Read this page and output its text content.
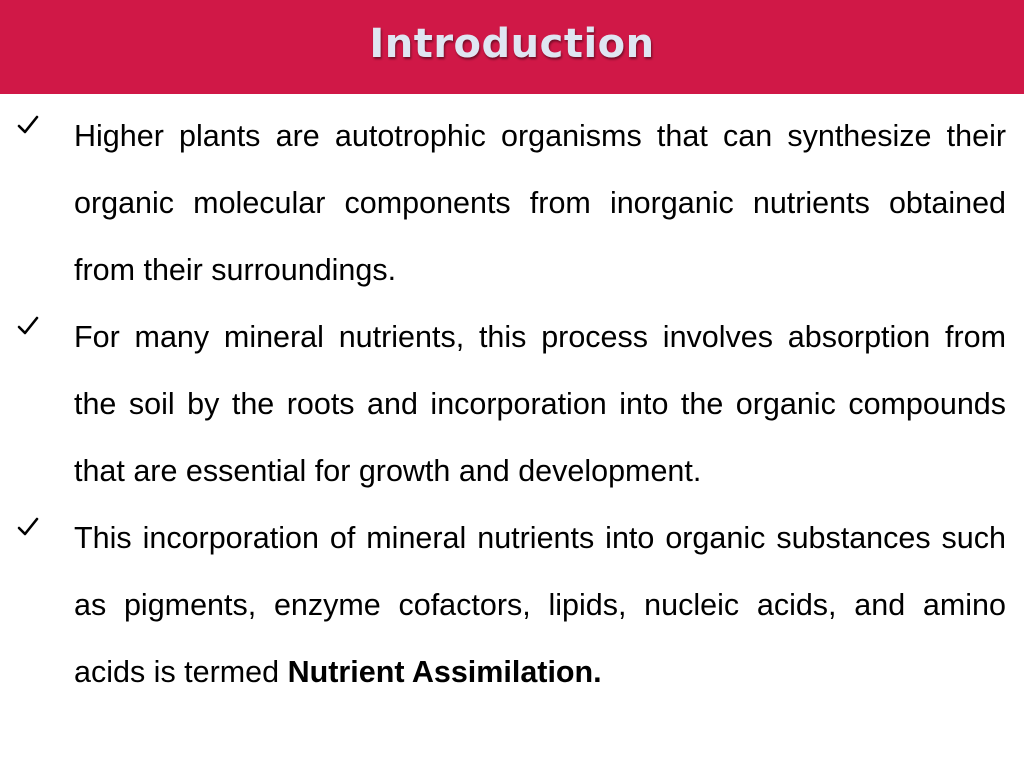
Introduction

Higher plants are autotrophic organisms that can synthesize their organic molecular components from inorganic nutrients obtained from their surroundings.

For many mineral nutrients, this process involves absorption from the soil by the roots and incorporation into the organic compounds that are essential for growth and development.

This incorporation of mineral nutrients into organic substances such as pigments, enzyme cofactors, lipids, nucleic acids, and amino acids is termed Nutrient Assimilation.
